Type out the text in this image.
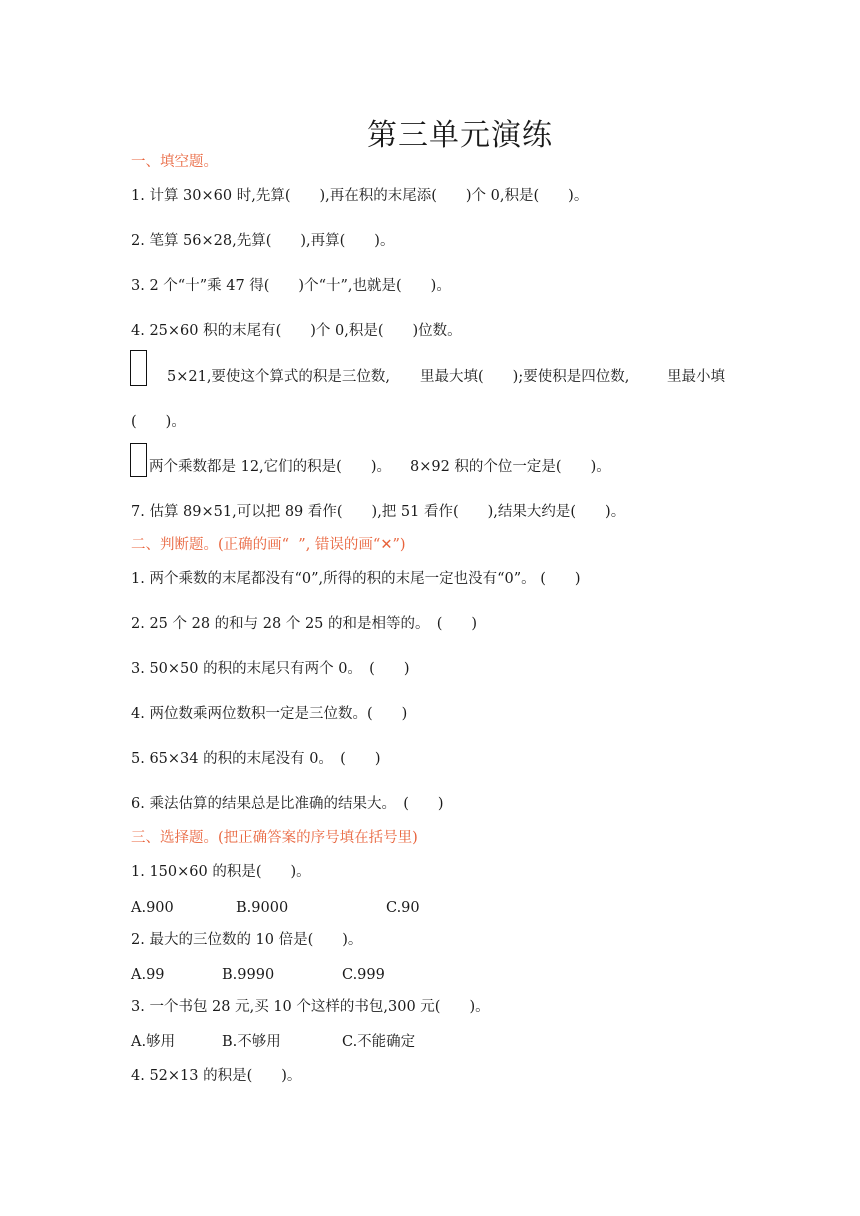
第三单元演练
一、填空题。
1. 计算 30×60 时,先算(　　),再在积的末尾添(　　)个 0,积是(　　)。
2. 笔算 56×28,先算(　　),再算(　　)。
3. 2 个“十”乘 47 得(　　)个“十”,也就是(　　)。
4. 25×60 积的末尾有(　　)个 0,积是(　　)位数。
5×21,要使这个算式的积是三位数, 里最大填(　　);要使积是四位数,	里最小填
(　　)。
两个乘数都是 12,它们的积是(　　)。 8×92 积的个位一定是(　　)。
7. 估算 89×51,可以把 89 看作(　　),把 51 看作(　　),结果大约是(　　)。
二、判断题。(正确的画“  ”, 错误的画“✕”)
1. 两个乘数的末尾都没有“0”,所得的积的末尾一定也没有“0”。 (　　)
2. 25 个 28 的和与 28 个 25 的和是相等的。　(　　)
3. 50×50 的积的末尾只有两个 0。　(　　)
4. 两位数乘两位数积一定是三位数。(　　)
5. 65×34 的积的末尾没有 0。　(　　)
6. 乘法估算的结果总是比准确的结果大。　(　　)
三、选择题。(把正确答案的序号填在括号里)
1. 150×60 的积是(　　)。
A.900	B.9000	C.90
2. 最大的三位数的 10 倍是(　　)。
A.99	B.9990	C.999
3. 一个书包 28 元,买 10 个这样的书包,300 元(　　)。
A.够用	B.不够用	C.不能确定
4. 52×13 的积是(　　)。
